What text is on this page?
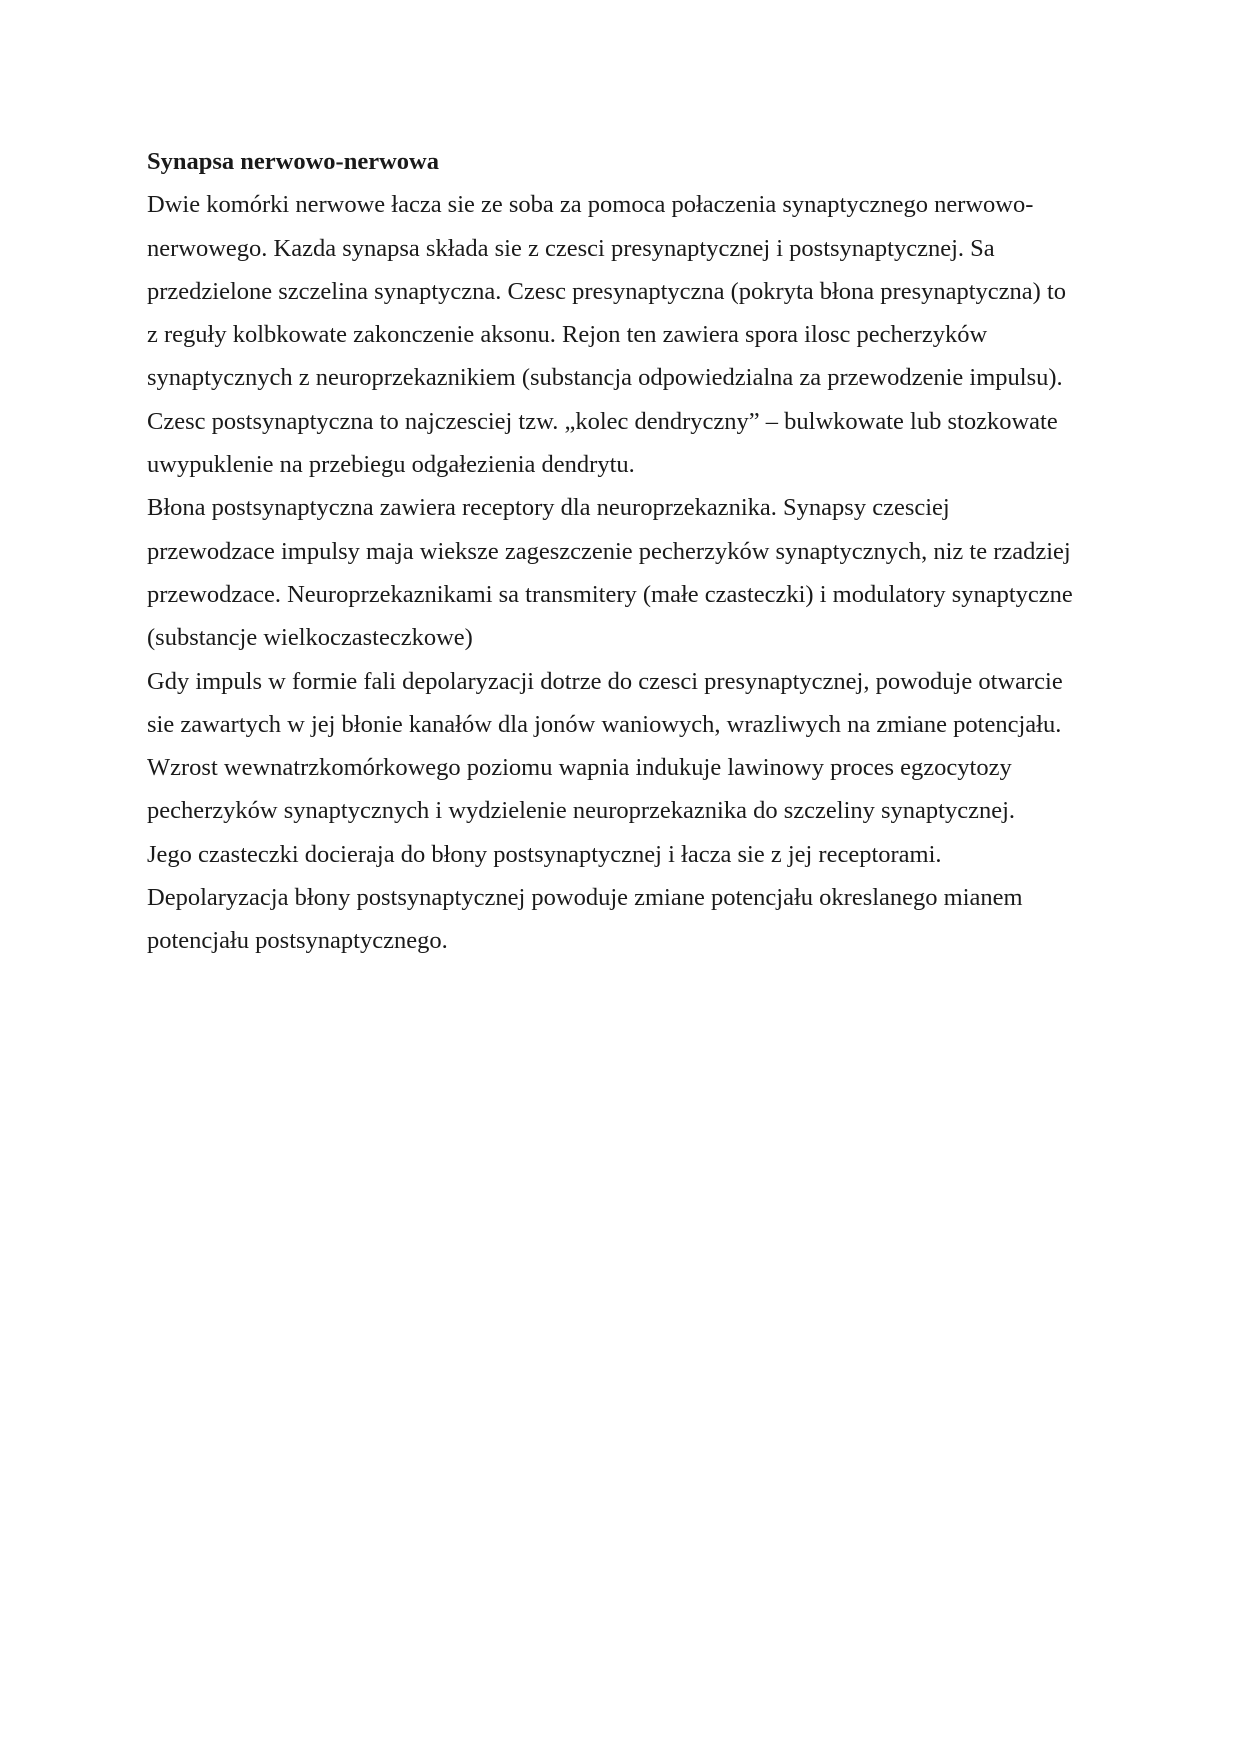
Synapsa nerwowo-nerwowa
Dwie komórki nerwowe łacza sie ze soba za pomoca połaczenia synaptycznego nerwowo-
nerwowego. Kazda synapsa składa sie z czesci presynaptycznej i postsynaptycznej. Sa
przedzielone szczelina synaptyczna. Czesc presynaptyczna (pokryta błona presynaptyczna) to
z reguły kolbkowate zakonczenie aksonu. Rejon ten zawiera spora ilosc pecherzyków
synaptycznych z neuroprzekaznikiem (substancja odpowiedzialna za przewodzenie impulsu).
Czesc postsynaptyczna to najczesciej tzw. „kolec dendryczny” – bulwkowate lub stozkowate
uwypuklenie na przebiegu odgałezienia dendrytu.
Błona postsynaptyczna zawiera receptory dla neuroprzekaznika. Synapsy czesciej
przewodzace impulsy maja wieksze zageszczenie pecherzyków synaptycznych, niz te rzadziej
przewodzace. Neuroprzekaznikami sa transmitery (małe czasteczki) i modulatory synaptyczne
(substancje wielkoczasteczkowe)
Gdy impuls w formie fali depolaryzacji dotrze do czesci presynaptycznej, powoduje otwarcie
sie zawartych w jej błonie kanałów dla jonów waniowych, wrazliwych na zmiane potencjału.
Wzrost wewnatrzkomórkowego poziomu wapnia indukuje lawinowy proces egzocytozy
pecherzyków synaptycznych i wydzielenie neuroprzekaznika do szczeliny synaptycznej.
Jego czasteczki docieraja do błony postsynaptycznej i łacza sie z jej receptorami.
Depolaryzacja błony postsynaptycznej powoduje zmiane potencjału okreslanego mianem
potencjału postsynaptycznego.
